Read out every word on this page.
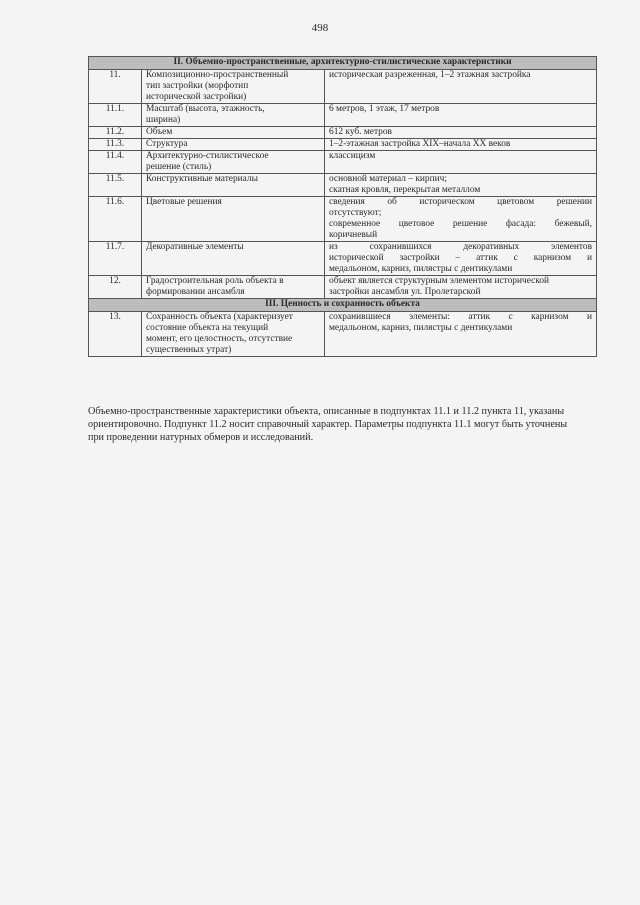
498
II. Объемно-пространственные, архитектурно-стилистические характеристики		
11.	Композиционно-пространственный
тип застройки (морфотип
исторической застройки)	историческая разреженная, 1–2 этажная застройка

11.1.	Масштаб (высота, этажность,
ширина)	6 метров, 1 этаж, 17 метров

11.2.	Объем	612 куб. метров

11.3.	Структура	1–2-этажная застройка XIX–начала XX веков

11.4.	Архитектурно-стилистическое
решение (стиль)	классицизм

11.5.	Конструктивные материалы	основной материал – кирпич;
скатная кровля, перекрытая металлом

11.6.	Цветовые решения	сведения об историческом цветовом решении
отсутствуют;
современное цветовое решение фасада: бежевый,
коричневый

11.7.	Декоративные элементы	из сохранившихся декоративных элементов
исторической застройки – аттик с карнизом и
медальоном, карниз, пилястры с дентикулами

12.	Градостроительная роль объекта в
формировании ансамбля	объект является структурным элементом исторической
застройки ансамбля ул. Пролетарской

III. Ценность и сохранность объекта		
13.	Сохранность объекта (характеризует
состояние объекта на текущий
момент, его целостность, отсутствие
существенных утрат)	сохранившиеся элементы: аттик с карнизом и
медальоном, карниз, пилястры с дентикулами
Объемно-пространственные характеристики объекта, описанные в подпунктах 11.1 и 11.2 пункта 11, указаны
ориентировочно. Подпункт 11.2 носит справочный характер. Параметры подпункта 11.1 могут быть уточнены
при проведении натурных обмеров и исследований.
